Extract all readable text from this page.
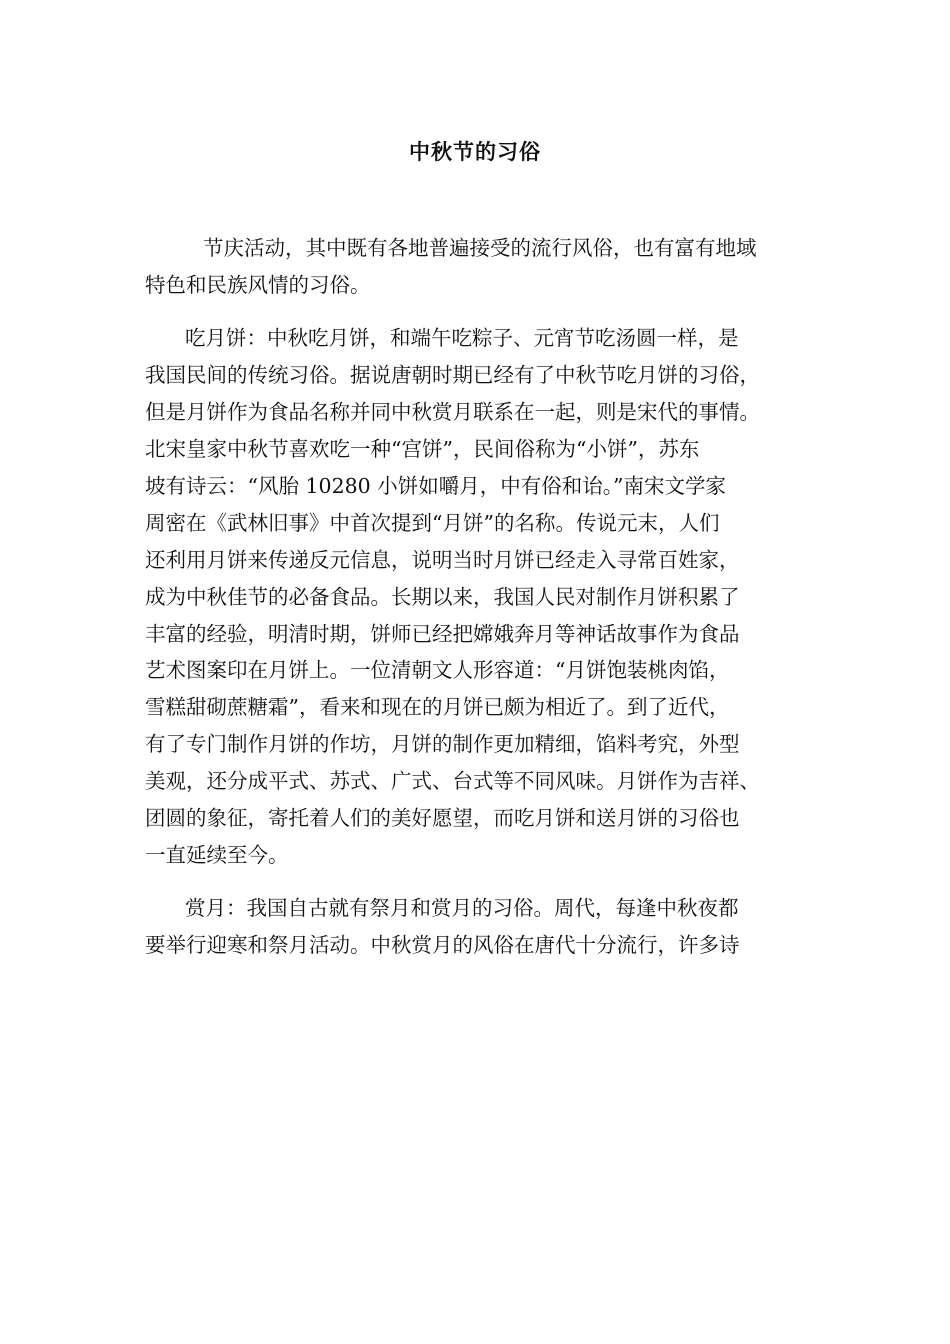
中秋节的习俗
节庆活动，其中既有各地普遍接受的流行风俗，也有富有地域
特色和民族风情的习俗。
吃月饼：中秋吃月饼，和端午吃粽子、元宵节吃汤圆一样，是
我国民间的传统习俗。据说唐朝时期已经有了中秋节吃月饼的习俗，
但是月饼作为食品名称并同中秋赏月联系在一起，则是宋代的事情。
北宋皇家中秋节喜欢吃一种“宫饼”，民间俗称为“小饼”，苏东
坡有诗云：“风胎 10280 小饼如嚼月，中有俗和诒。”南宋文学家
周密在《武林旧事》中首次提到“月饼”的名称。传说元末，人们
还利用月饼来传递反元信息，说明当时月饼已经走入寻常百姓家，
成为中秋佳节的必备食品。长期以来，我国人民对制作月饼积累了
丰富的经验，明清时期，饼师已经把嫦娥奔月等神话故事作为食品
艺术图案印在月饼上。一位清朝文人形容道：“月饼饱装桃肉馅，
雪糕甜砌蔗糖霜”，看来和现在的月饼已颇为相近了。到了近代，
有了专门制作月饼的作坊，月饼的制作更加精细，馅料考究，外型
美观，还分成平式、苏式、广式、台式等不同风味。月饼作为吉祥、
团圆的象征，寄托着人们的美好愿望，而吃月饼和送月饼的习俗也
一直延续至今。
赏月：我国自古就有祭月和赏月的习俗。周代，每逢中秋夜都
要举行迎寒和祭月活动。中秋赏月的风俗在唐代十分流行，许多诗
